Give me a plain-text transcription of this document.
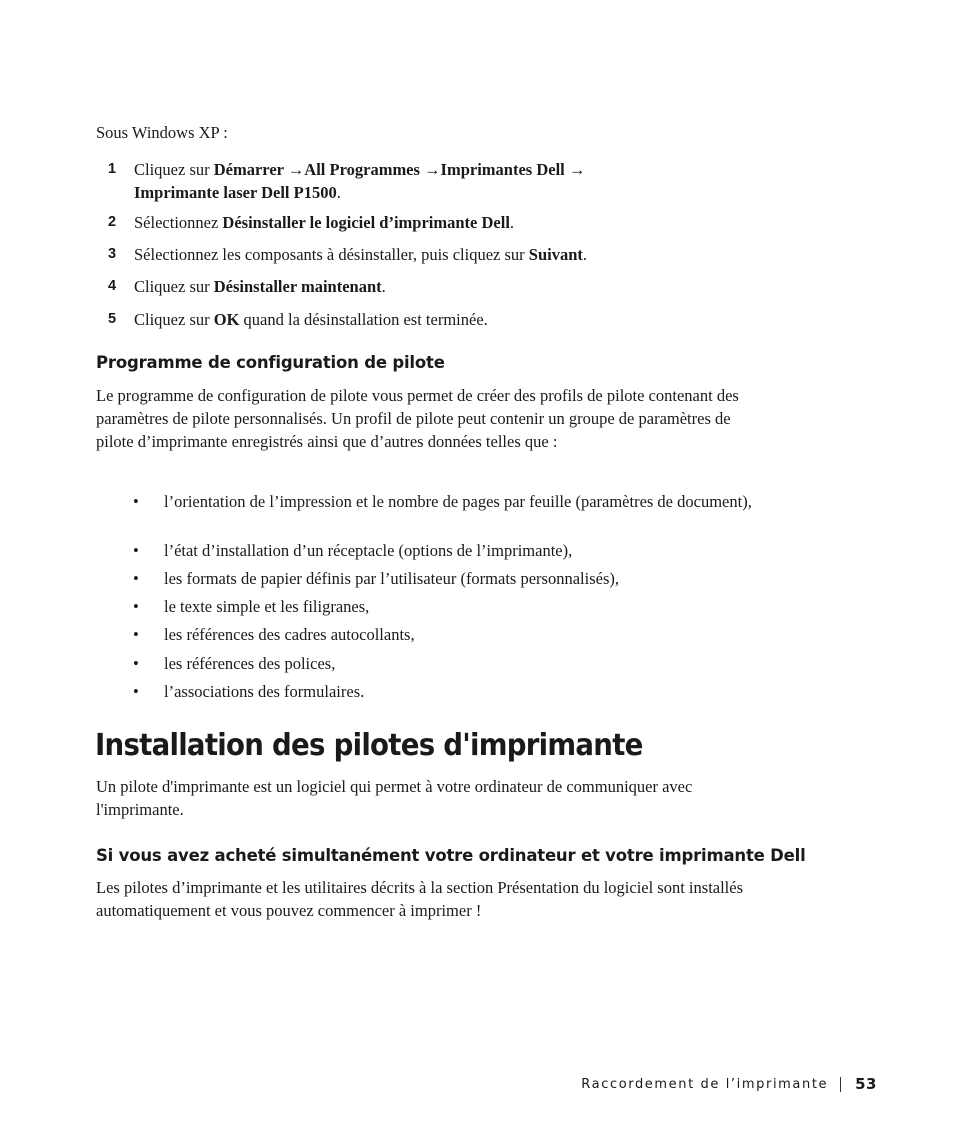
Sous Windows XP :
1 Cliquez sur Démarrer →All Programmes →Imprimantes Dell →
Imprimante laser Dell P1500.
2 Sélectionnez Désinstaller le logiciel d’imprimante Dell.
3 Sélectionnez les composants à désinstaller, puis cliquez sur Suivant.
4 Cliquez sur Désinstaller maintenant.
5 Cliquez sur OK quand la désinstallation est terminée.
Programme de configuration de pilote
Le programme de configuration de pilote vous permet de créer des profils de pilote contenant des paramètres de pilote personnalisés. Un profil de pilote peut contenir un groupe de paramètres de pilote d’imprimante enregistrés ainsi que d’autres données telles que :
• l’orientation de l’impression et le nombre de pages par feuille (paramètres de document),
• l’état d’installation d’un réceptacle (options de l’imprimante),
• les formats de papier définis par l’utilisateur (formats personnalisés),
• le texte simple et les filigranes,
• les références des cadres autocollants,
• les références des polices,
• l’associations des formulaires.
Installation des pilotes d'imprimante
Un pilote d'imprimante est un logiciel qui permet à votre ordinateur de communiquer avec l'imprimante.
Si vous avez acheté simultanément votre ordinateur et votre imprimante Dell
Les pilotes d’imprimante et les utilitaires décrits à la section Présentation du logiciel sont installés automatiquement et vous pouvez commencer à imprimer !
Raccordement de l’imprimante 53
